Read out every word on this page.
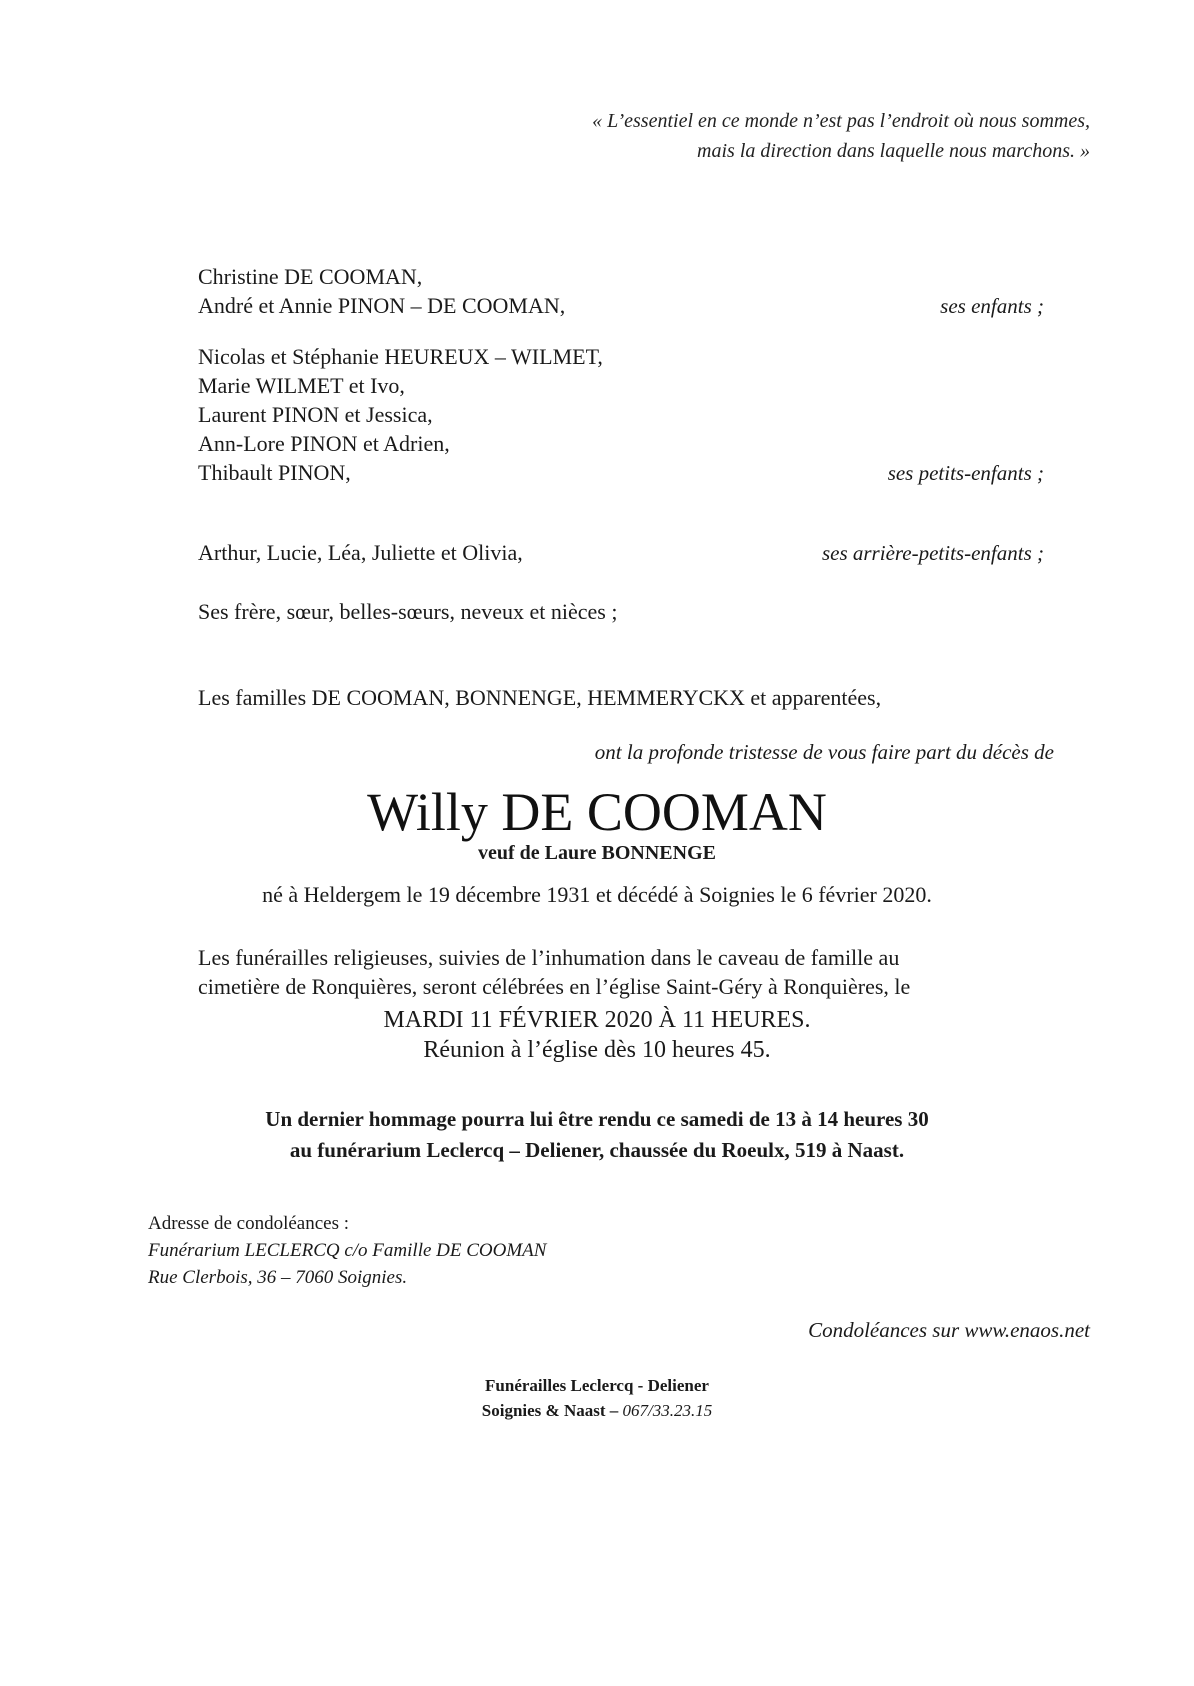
« L’essentiel en ce monde n’est pas l’endroit où nous sommes,
mais la direction dans laquelle nous marchons. »
Christine DE COOMAN,
André et Annie PINON – DE COOMAN,	ses enfants ;
Nicolas et Stéphanie HEUREUX – WILMET,
Marie WILMET et Ivo,
Laurent PINON et Jessica,
Ann-Lore PINON et Adrien,
Thibault PINON,	ses petits-enfants ;
Arthur, Lucie, Léa, Juliette et Olivia,	ses arrière-petits-enfants ;
Ses frère, sœur, belles-sœurs, neveux et nièces ;
Les familles DE COOMAN, BONNENGE, HEMMERYCKX et apparentées,
ont la profonde tristesse de vous faire part du décès de
Willy DE COOMAN
veuf de Laure BONNENGE
né à Heldergem le 19 décembre 1931 et décédé à Soignies le 6 février 2020.
Les funérailles religieuses, suivies de l’inhumation dans le caveau de famille au
cimetière de Ronquières, seront célébrées en l’église Saint-Géry à Ronquières, le
MARDI 11 FÉVRIER 2020 À 11 HEURES.
Réunion à l’église dès 10 heures 45.
Un dernier hommage pourra lui être rendu ce samedi de 13 à 14 heures 30
au funérarium Leclercq – Deliener, chaussée du Roeulx, 519 à Naast.
Adresse de condoléances :
Funérarium LECLERCQ c/o Famille DE COOMAN
Rue Clerbois, 36 – 7060 Soignies.
Condoléances sur www.enaos.net
Funérailles Leclercq - Deliener
Soignies & Naast – 067/33.23.15
